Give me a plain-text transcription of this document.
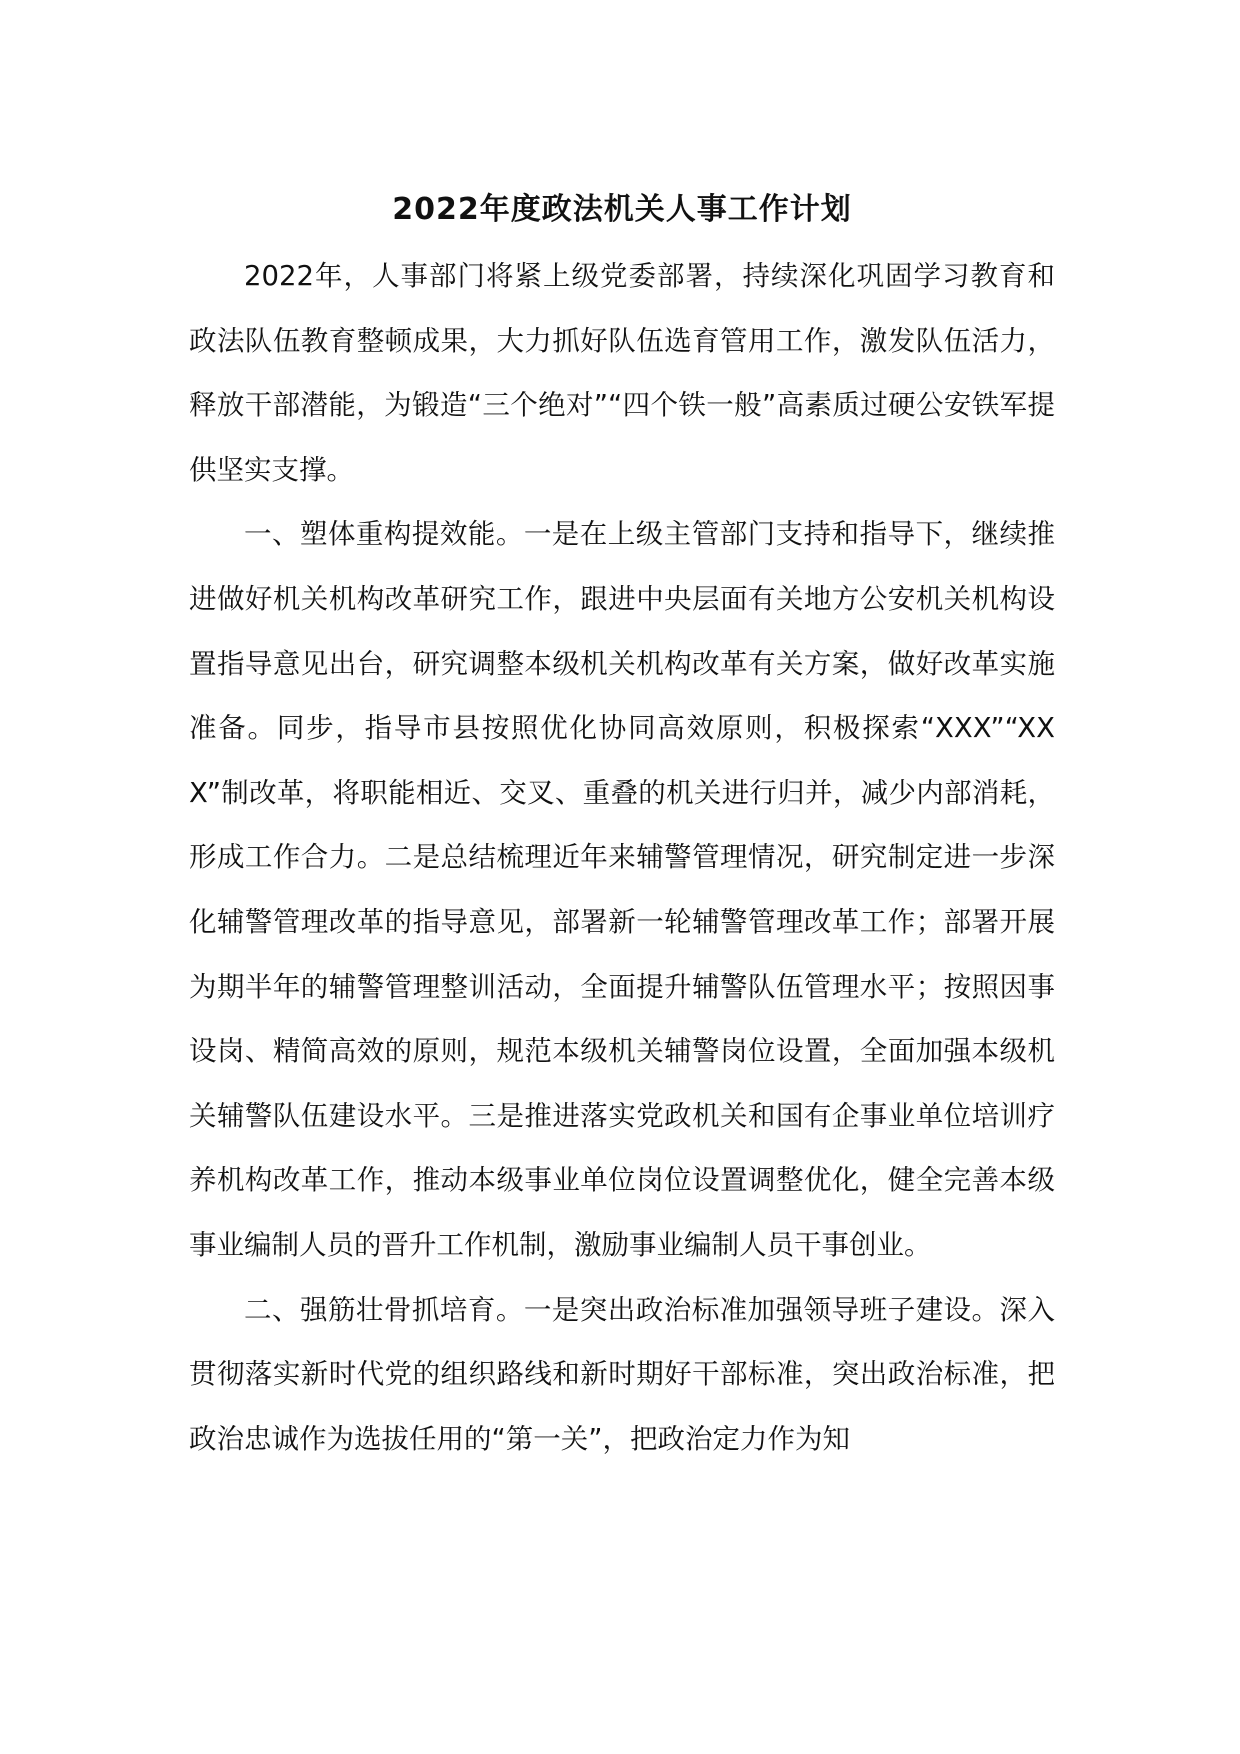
2022年度政法机关人事工作计划

2022年，人事部门将紧上级党委部署，持续深化巩固学习教育和政法队伍教育整顿成果，大力抓好队伍选育管用工作，激发队伍活力，释放干部潜能，为锻造“三个绝对”“四个铁一般”高素质过硬公安铁军提供坚实支撑。

一、塑体重构提效能。一是在上级主管部门支持和指导下，继续推进做好机关机构改革研究工作，跟进中央层面有关地方公安机关机构设置指导意见出台，研究调整本级机关机构改革有关方案，做好改革实施准备。同步，指导市县按照优化协同高效原则，积极探索“XXX”“XXX”制改革，将职能相近、交叉、重叠的机关进行归并，减少内部消耗，形成工作合力。二是总结梳理近年来辅警管理情况，研究制定进一步深化辅警管理改革的指导意见，部署新一轮辅警管理改革工作；部署开展为期半年的辅警管理整训活动，全面提升辅警队伍管理水平；按照因事设岗、精简高效的原则，规范本级机关辅警岗位设置，全面加强本级机关辅警队伍建设水平。三是推进落实党政机关和国有企事业单位培训疗养机构改革工作，推动本级事业单位岗位设置调整优化，健全完善本级事业编制人员的晋升工作机制，激励事业编制人员干事创业。

二、强筋壮骨抓培育。一是突出政治标准加强领导班子建设。深入贯彻落实新时代党的组织路线和新时期好干部标准，突出政治标准，把政治忠诚作为选拔任用的“第一关”，把政治定力作为知
